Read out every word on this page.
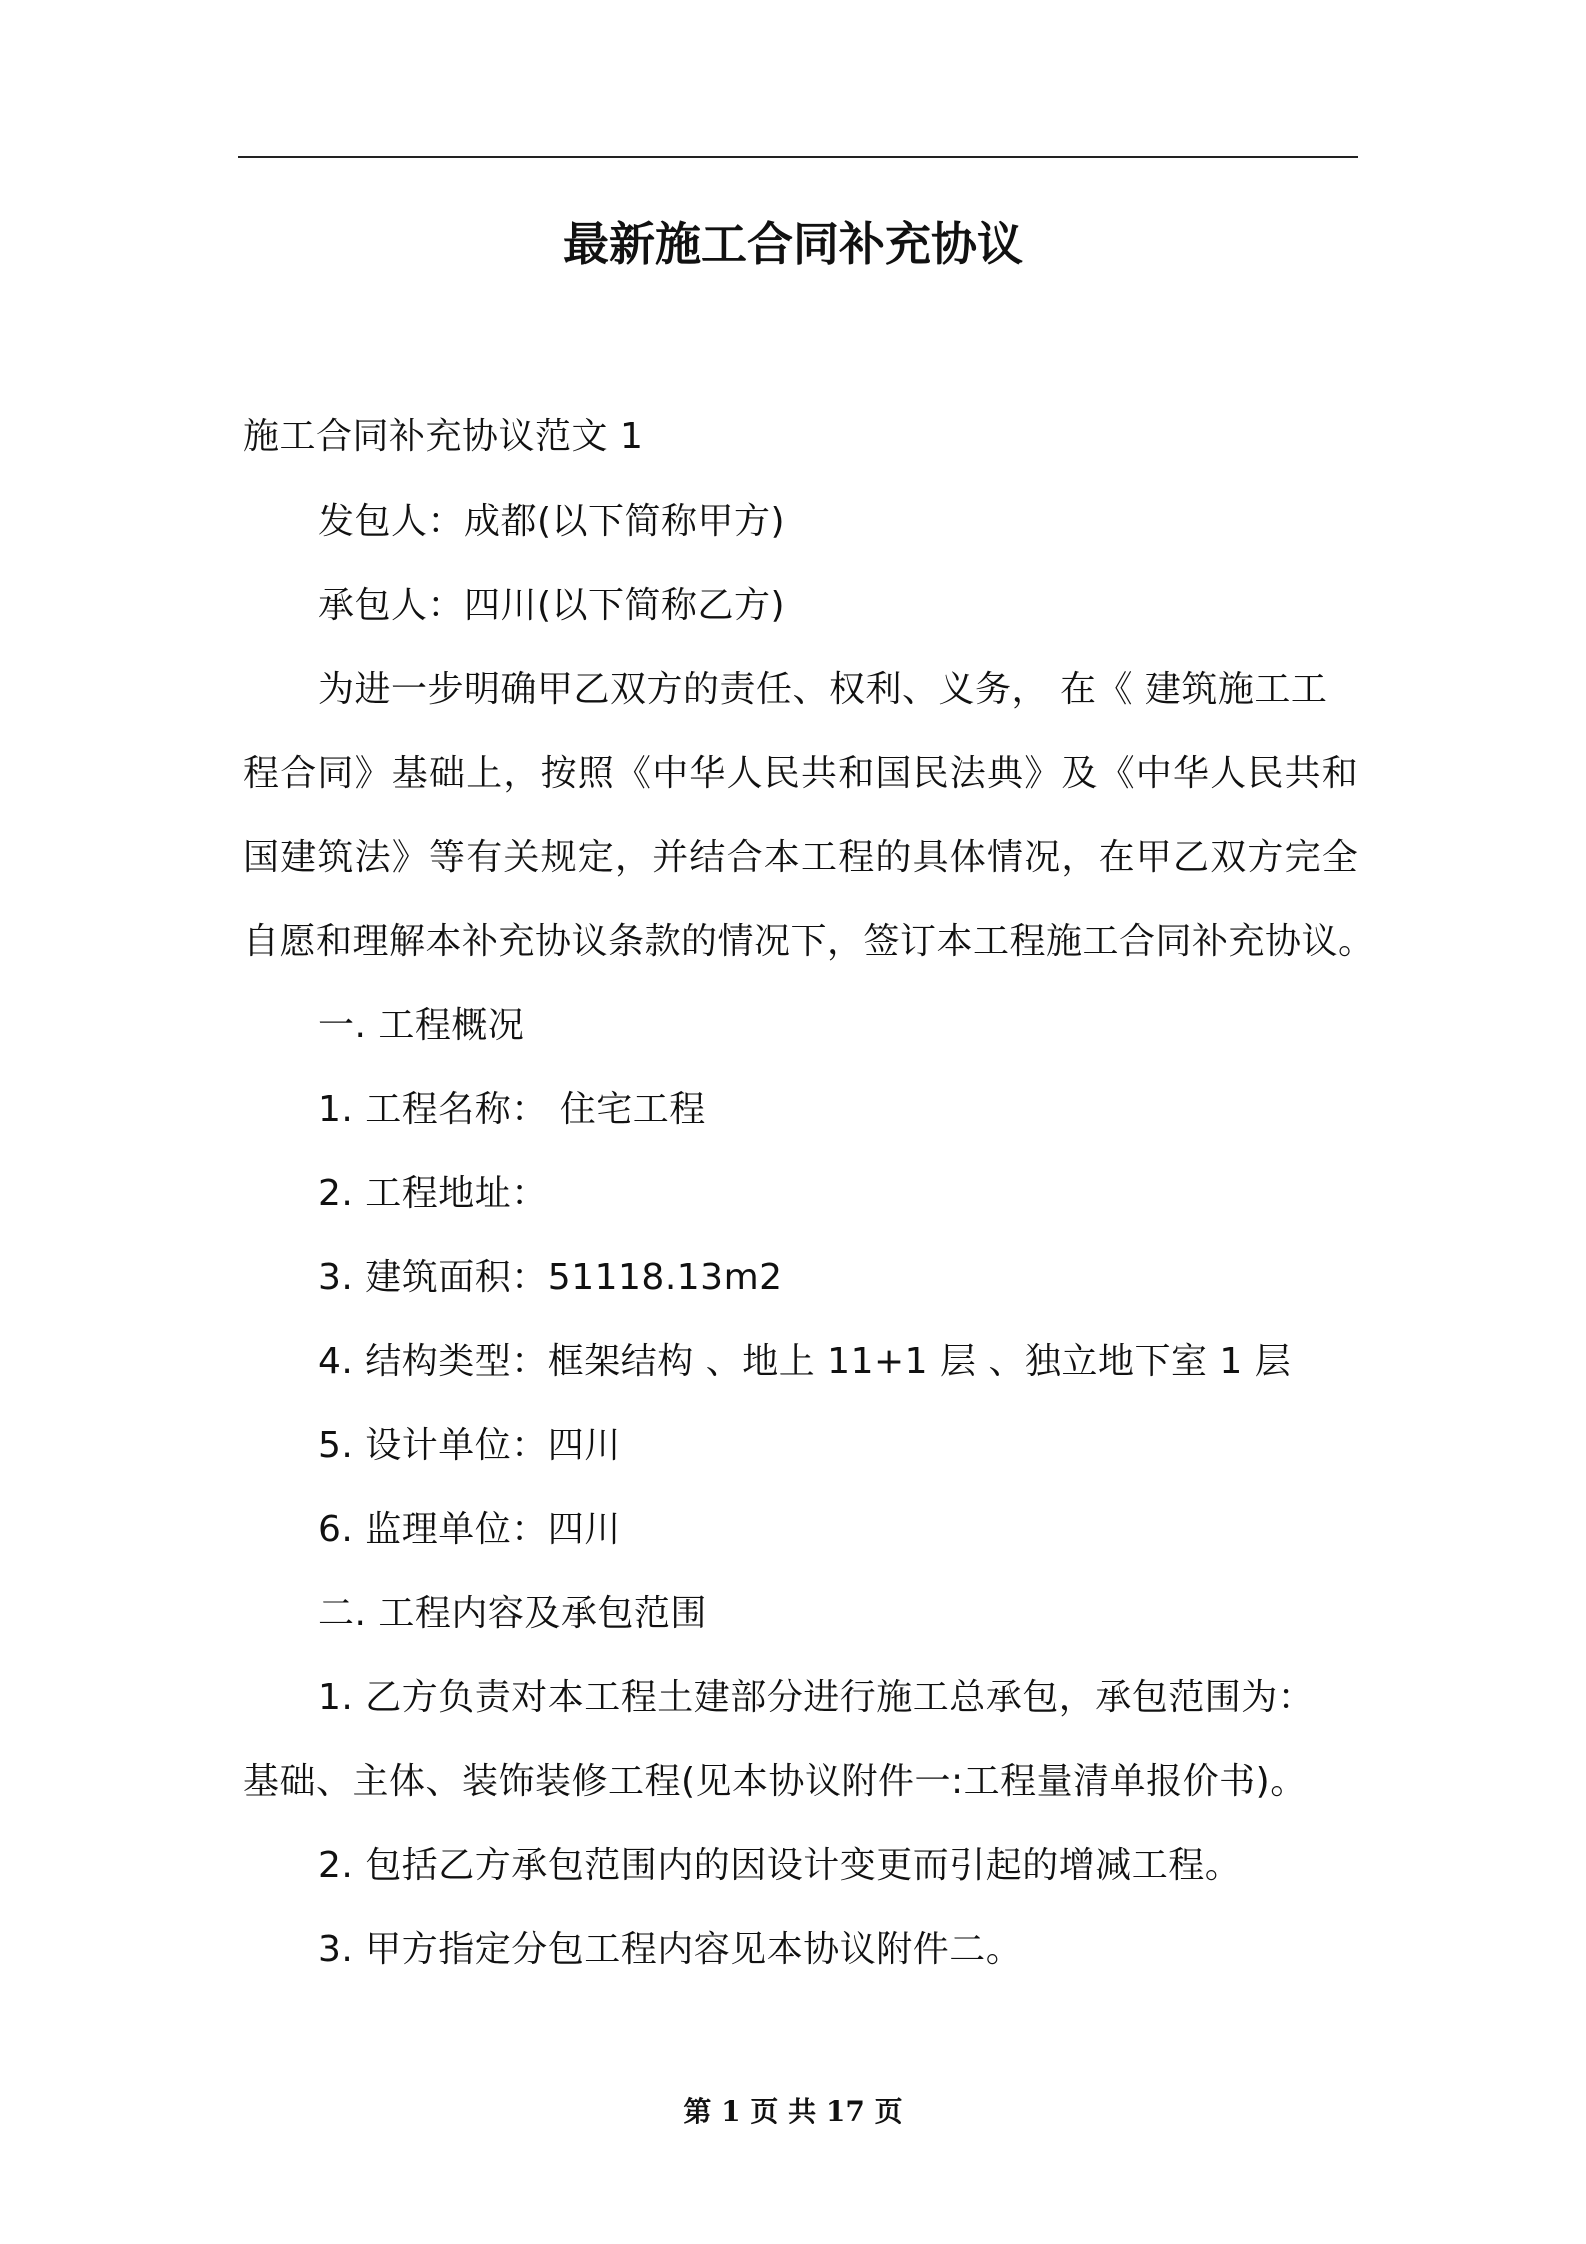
最新施工合同补充协议
施工合同补充协议范文 1
发包人：成都(以下简称甲方)
承包人：四川(以下简称乙方)
为进一步明确甲乙双方的责任、权利、义务， 在《 建筑施工工
程合同》基础上，按照《中华人民共和国民法典》及《中华人民共和
国建筑法》等有关规定，并结合本工程的具体情况，在甲乙双方完全
自愿和理解本补充协议条款的情况下，签订本工程施工合同补充协议。
一. 工程概况
1. 工程名称： 住宅工程
2. 工程地址：
3. 建筑面积：51118.13m2
4. 结构类型：框架结构 、地上 11+1 层 、独立地下室 1 层
5. 设计单位：四川
6. 监理单位：四川
二. 工程内容及承包范围
1. 乙方负责对本工程土建部分进行施工总承包，承包范围为：
基础、主体、装饰装修工程(见本协议附件一:工程量清单报价书)。
2. 包括乙方承包范围内的因设计变更而引起的增减工程。
3. 甲方指定分包工程内容见本协议附件二。
第 1 页 共 17 页
